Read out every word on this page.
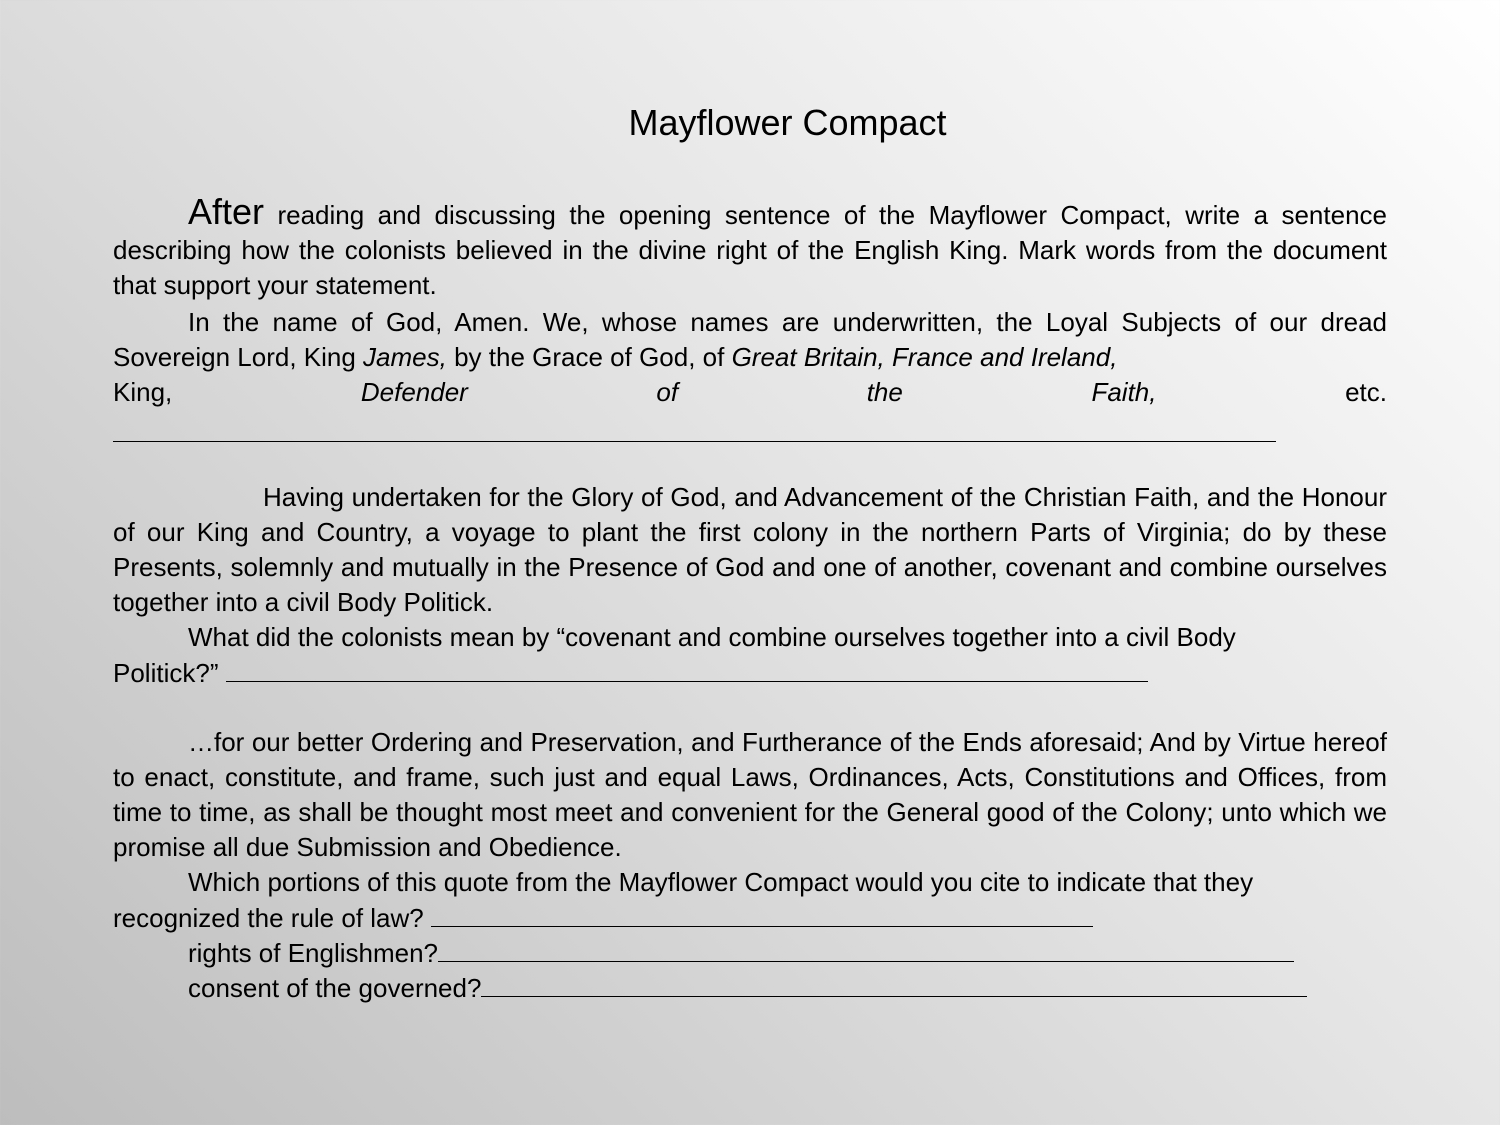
Mayflower Compact
After reading and discussing the opening sentence of the Mayflower Compact, write a sentence describing how the colonists believed in the divine right of the English King. Mark words from the document that support your statement.
In the name of God, Amen. We, whose names are underwritten, the Loyal Subjects of our dread Sovereign Lord, King James, by the Grace of God, of Great Britain, France and Ireland,
King,	Defender	of	the	Faith,	etc.
Having undertaken for the Glory of God, and Advancement of the Christian Faith, and the Honour of our King and Country, a voyage to plant the first colony in the northern Parts of Virginia; do by these Presents, solemnly and mutually in the Presence of God and one of another, covenant and combine ourselves together into a civil Body Politick.
What did the colonists mean by “covenant and combine ourselves together into a civil Body
Politick?”
…for our better Ordering and Preservation, and Furtherance of the Ends aforesaid; And by Virtue hereof to enact, constitute, and frame, such just and equal Laws, Ordinances, Acts, Constitutions and Offices, from time to time, as shall be thought most meet and convenient for the General good of the Colony; unto which we promise all due Submission and Obedience.
Which portions of this quote from the Mayflower Compact would you cite to indicate that they
recognized the rule of law?
rights of Englishmen?
consent of the governed?
